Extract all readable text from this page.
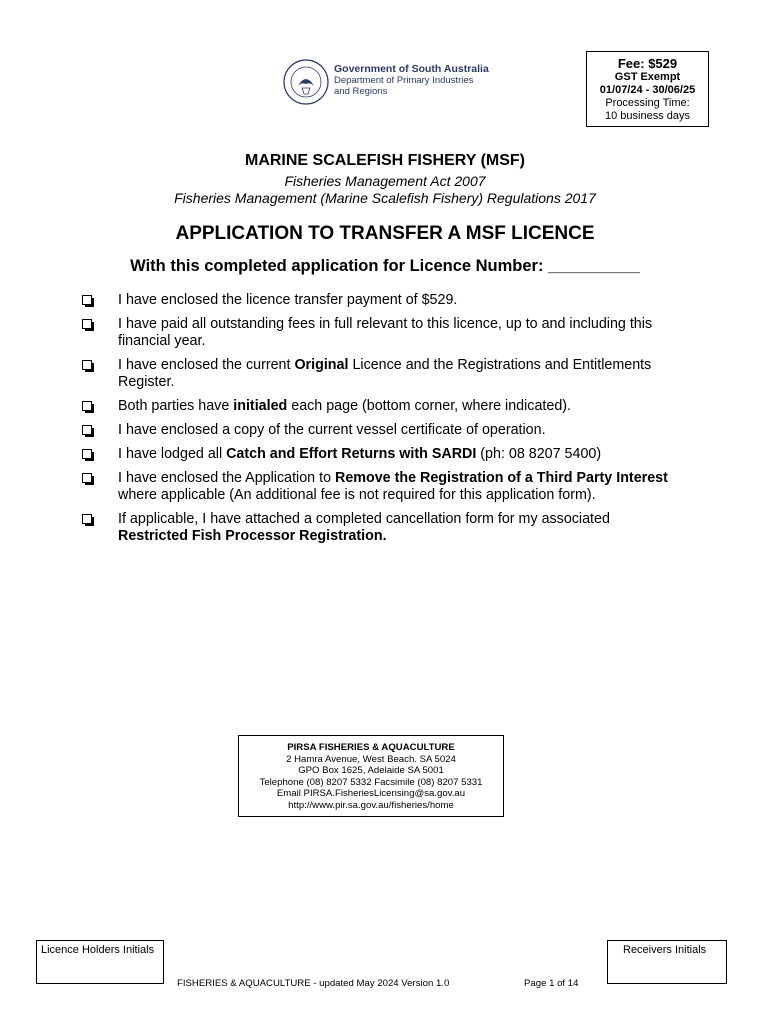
Government of South Australia
Department of Primary Industries
and Regions
Fee: $529
GST Exempt
01/07/24 - 30/06/25
Processing Time:
10 business days
MARINE SCALEFISH FISHERY (MSF)
Fisheries Management Act 2007
Fisheries Management (Marine Scalefish Fishery) Regulations 2017
APPLICATION TO TRANSFER A MSF LICENCE
With this completed application for Licence Number: __________
I have enclosed the licence transfer payment of $529.
I have paid all outstanding fees in full relevant to this licence, up to and including this financial year.
I have enclosed the current Original Licence and the Registrations and Entitlements Register.
Both parties have initialed each page (bottom corner, where indicated).
I have enclosed a copy of the current vessel certificate of operation.
I have lodged all Catch and Effort Returns with SARDI (ph: 08 8207 5400)
I have enclosed the Application to Remove the Registration of a Third Party Interest where applicable (An additional fee is not required for this application form).
If applicable, I have attached a completed cancellation form for my associated Restricted Fish Processor Registration.
PIRSA FISHERIES & AQUACULTURE
2 Hamra Avenue, West Beach. SA 5024
GPO Box 1625, Adelaide SA 5001
Telephone (08) 8207 5332 Facsimile (08) 8207 5331
Email PIRSA.FisheriesLicensing@sa.gov.au
http://www.pir.sa.gov.au/fisheries/home
Licence Holders Initials	Receivers Initials
FISHERIES & AQUACULTURE - updated May 2024 Version 1.0	Page 1 of 14
